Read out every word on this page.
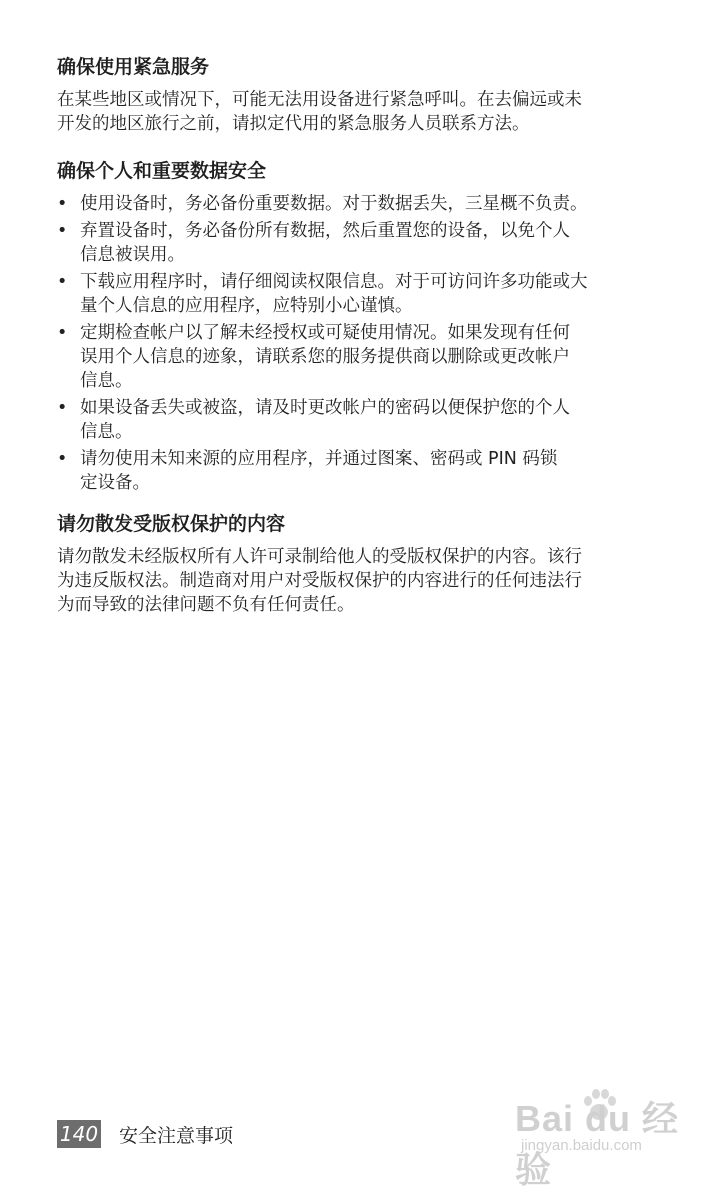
确保使用紧急服务

在某些地区或情况下，可能无法用设备进行紧急呼叫。在去偏远或未
开发的地区旅行之前，请拟定代用的紧急服务人员联系方法。

确保个人和重要数据安全
• 使用设备时，务必备份重要数据。对于数据丢失，三星概不负责。
• 弃置设备时，务必备份所有数据，然后重置您的设备，以免个人
信息被误用。
• 下载应用程序时，请仔细阅读权限信息。对于可访问许多功能或大
量个人信息的应用程序，应特别小心谨慎。
• 定期检查帐户以了解未经授权或可疑使用情况。如果发现有任何
误用个人信息的迹象，请联系您的服务提供商以删除或更改帐户
信息。
• 如果设备丢失或被盗，请及时更改帐户的密码以便保护您的个人
信息。
• 请勿使用未知来源的应用程序，并通过图案、密码或 PIN 码锁
定设备。
请勿散发受版权保护的内容

请勿散发未经版权所有人许可录制给他人的受版权保护的内容。该行
为违反版权法。制造商对用户对受版权保护的内容进行的任何违法行
为而导致的法律问题不负有任何责任。

140 安全注意事项	Bai du 经验
jingyan.baidu.com
